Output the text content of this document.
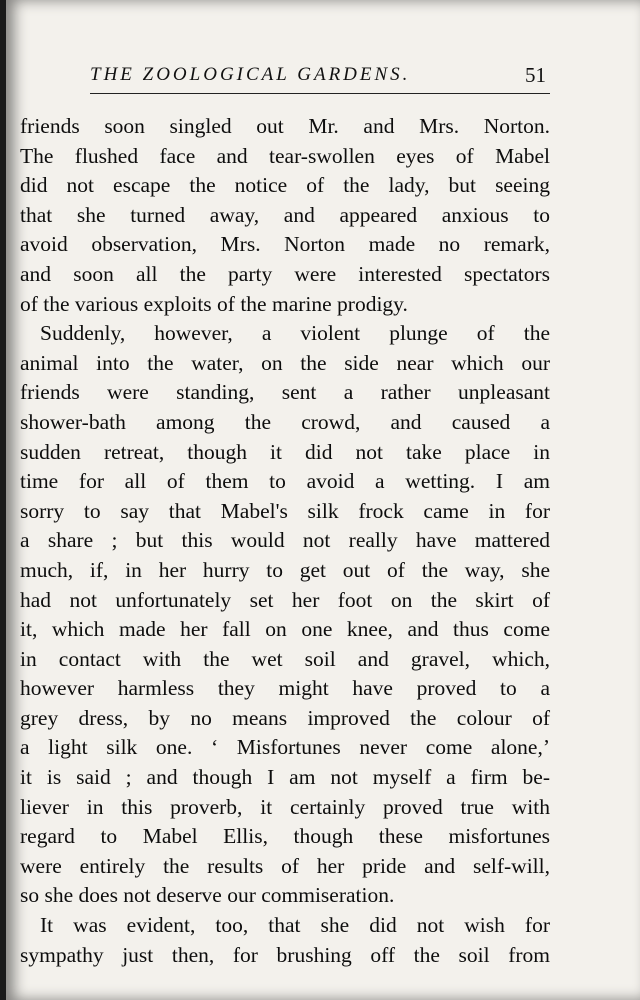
THE ZOOLOGICAL GARDENS.	51
friends soon singled out Mr. and Mrs. Norton.
The flushed face and tear-swollen eyes of Mabel
did not escape the notice of the lady, but seeing
that she turned away, and appeared anxious to
avoid observation, Mrs. Norton made no remark,
and soon all the party were interested spectators
of the various exploits of the marine prodigy.
Suddenly, however, a violent plunge of the
animal into the water, on the side near which our
friends were standing, sent a rather unpleasant
shower-bath among the crowd, and caused a
sudden retreat, though it did not take place in
time for all of them to avoid a wetting. I am
sorry to say that Mabel's silk frock came in for
a share ; but this would not really have mattered
much, if, in her hurry to get out of the way, she
had not unfortunately set her foot on the skirt of
it, which made her fall on one knee, and thus come
in contact with the wet soil and gravel, which,
however harmless they might have proved to a
grey dress, by no means improved the colour of
a light silk one. ‘ Misfortunes never come alone,’
it is said ; and though I am not myself a firm be-
liever in this proverb, it certainly proved true with
regard to Mabel Ellis, though these misfortunes
were entirely the results of her pride and self-will,
so she does not deserve our commiseration.
It was evident, too, that she did not wish for
sympathy just then, for brushing off the soil from
